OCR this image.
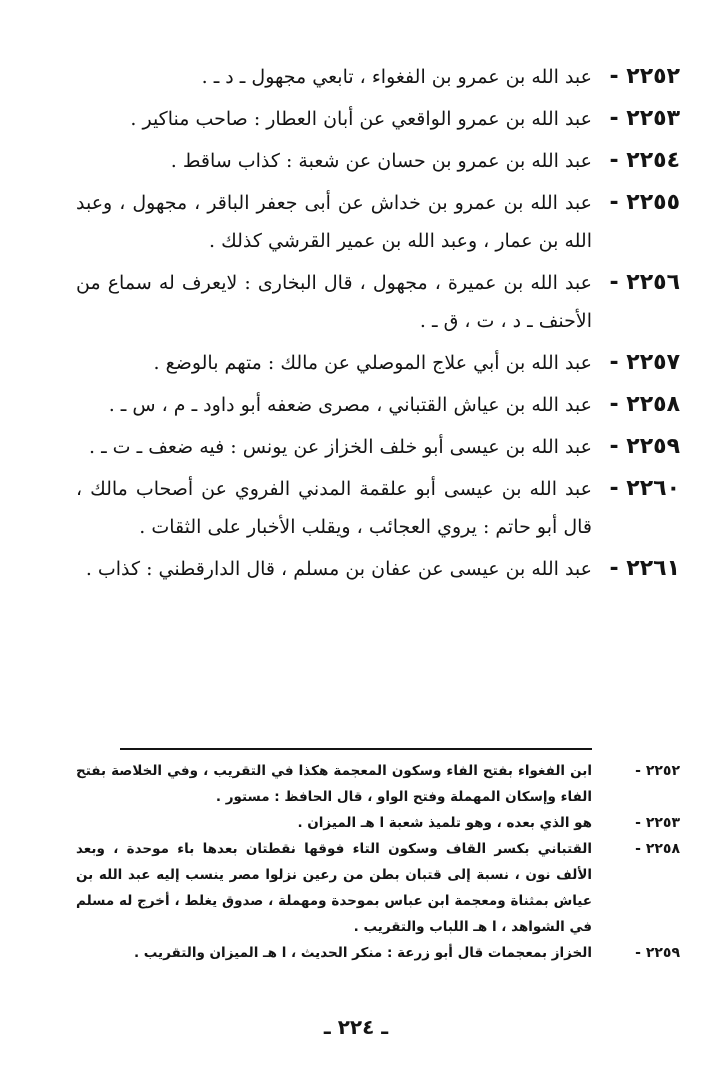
٢٢٥٢ -
عبد الله بن عمرو بن الفغواء ، تابعي مجهول ـ د ـ .
٢٢٥٣ -
عبد الله بن عمرو الواقعي عن أبان العطار : صاحب مناكير .
٢٢٥٤ -
عبد الله بن عمرو بن حسان عن شعبة : كذاب ساقط .
٢٢٥٥ -
عبد الله بن عمرو بن خداش عن أبى جعفر الباقر ، مجهول ، وعبد الله بن عمار ، وعبد الله بن عمير القرشي كذلك .
٢٢٥٦ -
عبد الله بن عميرة ، مجهول ، قال البخارى : لايعرف له سماع من الأحنف ـ د ، ت ، ق ـ .
٢٢٥٧ -
عبد الله بن أبي علاج الموصلي عن مالك : متهم بالوضع .
٢٢٥٨ -
عبد الله بن عياش القتباني ، مصرى ضعفه أبو داود ـ م ، س ـ .
٢٢٥٩ -
عبد الله بن عيسى أبو خلف الخزاز عن يونس : فيه ضعف ـ ت ـ .
٢٢٦٠ -
عبد الله بن عيسى أبو علقمة المدني الفروي عن أصحاب مالك ، قال أبو حاتم : يروي العجائب ، ويقلب الأخبار على الثقات .
٢٢٦١ -
عبد الله بن عيسى عن عفان بن مسلم ، قال الدارقطني : كذاب .
٢٢٥٢ -
ابن الفغواء بفتح الفاء وسكون المعجمة هكذا في التقريب ، وفي الخلاصة بفتح الفاء وإسكان المهملة وفتح الواو ، قال الحافظ : مستور .
٢٢٥٣ -
هو الذي بعده ، وهو تلميذ شعبة ا هـ الميزان .
٢٢٥٨ -
القتباني بكسر القاف وسكون التاء فوقها نقطتان بعدها باء موحدة ، وبعد الألف نون ، نسبة إلى قتبان بطن من رعين نزلوا مصر ينسب إليه عبد الله بن عياش بمثناة ومعجمة ابن عباس بموحدة ومهملة ، صدوق يغلط ، أخرج له مسلم في الشواهد ، ا هـ اللباب والتقريب .
٢٢٥٩ -
الخزاز بمعجمات قال أبو زرعة : منكر الحديث ، ا هـ الميزان والتقريب .
ـ ٢٢٤ ـ
